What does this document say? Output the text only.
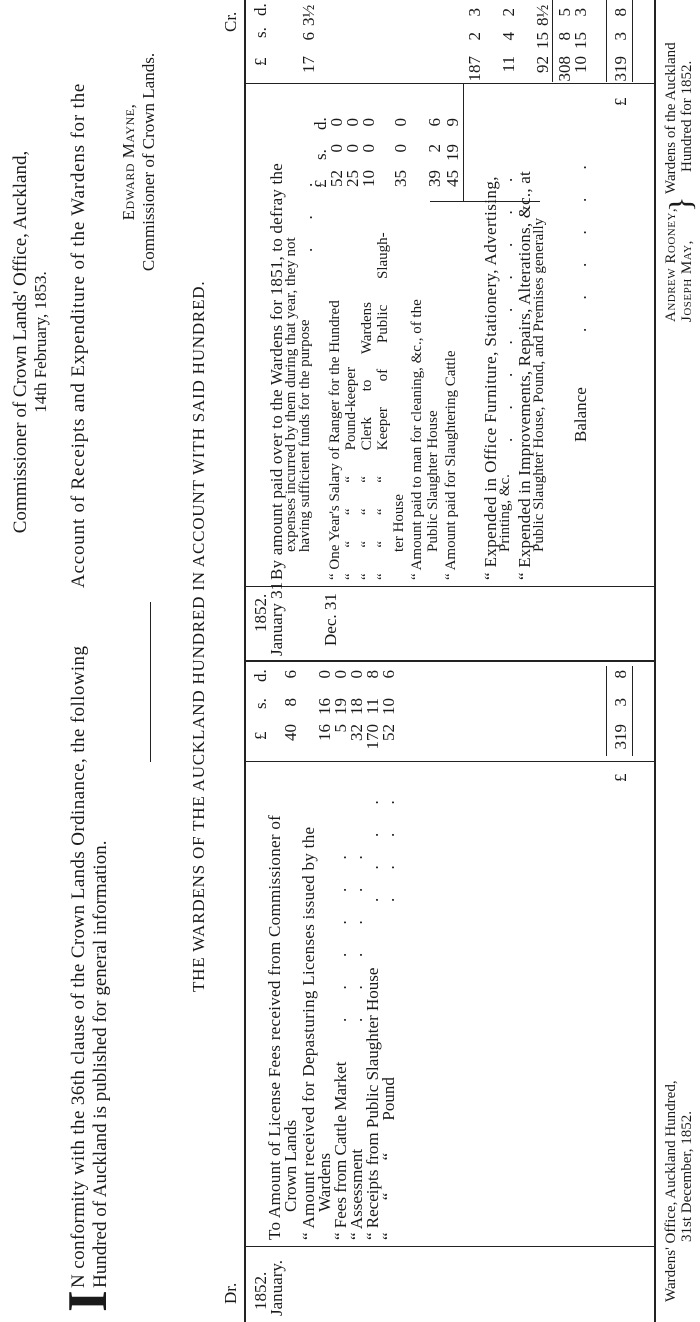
Commissioner of Crown Lands' Office, Auckland, 14th February, 1853.
I
N conformity with the 36th clause of the Crown Lands Ordinance, the following
Account of Receipts and Expenditure of the Wardens for the
Hundred of Auckland is published for general information.
Edward Mayne, Commissioner of Crown Lands.
THE WARDENS OF THE AUCKLAND HUNDRED IN ACCOUNT WITH SAID HUNDRED.
Dr.
Cr.
1852.
January.
£
s.
d.
To Amount of License Fees received from Commissioner of
Crown Lands
40
8
6
“ Amount received for Depasturing Licenses issued by the
Wardens
16
16
0
“ Fees from Cattle Market
. . . . . .
5
19
0
“ Assessment
. . . . . .
32
18
0
“ Receipts from Public Slaughter House
. . . .
170
11
8
“ “ “ Pound
. . . .
52
10
6
£
319
3
8
1852.
January 31 Dec. 31
£
s.
d.
By amount paid over to the Wardens for 1851, to defray the
expenses incurred by them during that year, they not
having sufficient funds for the purpose
. . .
17
6
3½
£
s.
d.
“ One Year's Salary of Ranger for the Hundred
52
0
0
“ “ “ “ Pound-keeper
25
0
0
“ “ “ “ Clerk to Wardens
10
0
0
“ “ “ “ Keeper of Public Slaugh- ter House
35
0
0
“ Amount paid to man for cleaning, &c., of the Public Slaughter House
39
2
6
“ Amount paid for Slaughtering Cattle
45
19
9
187
2
3
“ Expended in Office Furniture, Stationery, Advertising,
Printing, &c.
. . . . . . . . .
11
4
2
“ Expended in Improvements, Repairs, Alterations, &c., at
Public Slaughter House, Pound, and Premises generally
92
15
8½
308
8
5
Balance
. . . . . .
10
15
3
£
319
3
8
Wardens' Office, Auckland Hundred, 31st December, 1852.
Andrew Rooney, Joseph May,
}
Wardens of the Auckland Hundred for 1852.
